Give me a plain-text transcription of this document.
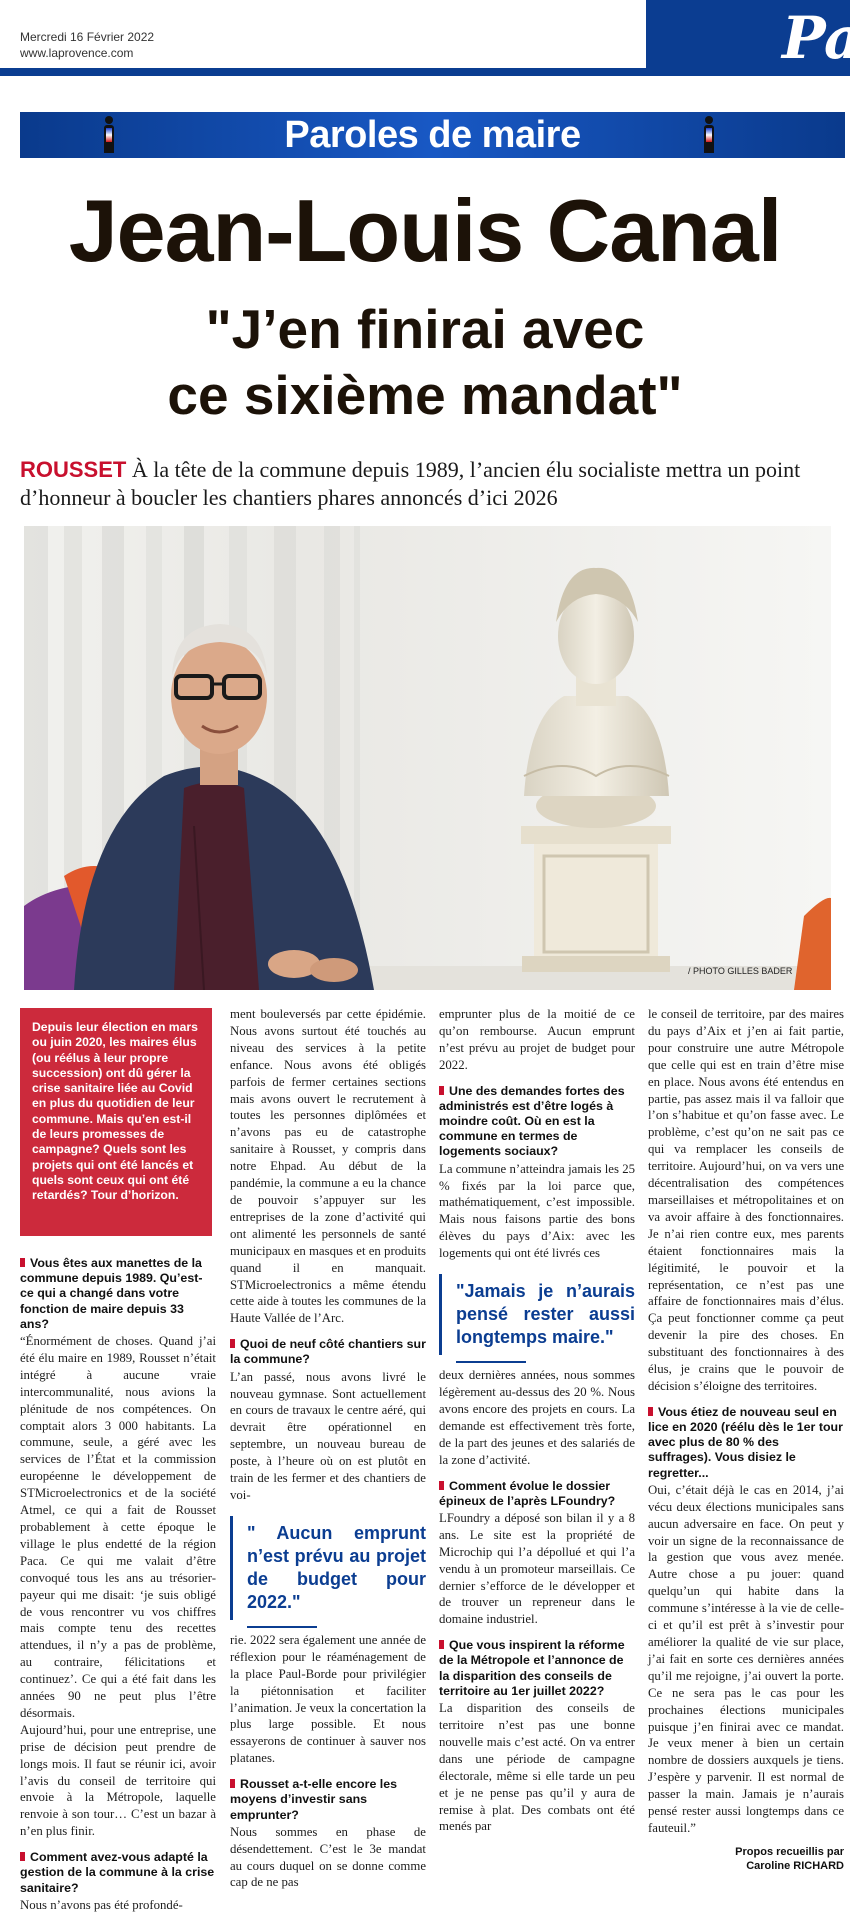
Mercredi 16 Février 2022
www.laprovence.com	Pa
Paroles de maire
Jean-Louis Canal
"J’en finirai avec
ce sixième mandat"
ROUSSET À la tête de la commune depuis 1989, l’ancien élu socialiste mettra un point d’honneur à boucler les chantiers phares annoncés d’ici 2026
/ PHOTO GILLES BADER
Depuis leur élection en mars ou juin 2020, les maires élus (ou réélus à leur propre succession) ont dû gérer la crise sanitaire liée au Covid en plus du quotidien de leur commune. Mais qu’en est-il de leurs promesses de campagne? Quels sont les projets qui ont été lancés et quels sont ceux qui ont été retardés? Tour d’horizon.

Vous êtes aux manettes de la commune depuis 1989. Qu’est-ce qui a changé dans votre fonction de maire depuis 33 ans?

“Énormément de choses. Quand j’ai été élu maire en 1989, Rousset n’était intégré à aucune vraie intercommunalité, nous avions la plénitude de nos compétences. On comptait alors 3 000 habitants. La commune, seule, a géré avec les services de l’État et la commission européenne le développement de STMicroelectronics et de la société Atmel, ce qui a fait de Rousset probablement à cette époque le village le plus endetté de la région Paca. Ce qui me valait d’être convoqué tous les ans au trésorier-payeur qui me disait: ‘je suis obligé de vous rencontrer vu vos chiffres mais compte tenu des recettes attendues, il n’y a pas de problème, au contraire, félicitations et continuez’. Ce qui a été fait dans les années 90 ne peut plus l’être désormais.

Aujourd’hui, pour une entreprise, une prise de décision peut prendre de longs mois. Il faut se réunir ici, avoir l’avis du conseil de territoire qui envoie à la Métropole, laquelle renvoie à son tour… C’est un bazar à n’en plus finir.

Comment avez-vous adapté la gestion de la commune à la crise sanitaire?

Nous n’avons pas été profondé-

ment bouleversés par cette épidémie. Nous avons surtout été touchés au niveau des services à la petite enfance. Nous avons été obligés parfois de fermer certaines sections mais avons ouvert le recrutement à toutes les personnes diplômées et n’avons pas eu de catastrophe sanitaire à Rousset, y compris dans notre Ehpad. Au début de la pandémie, la commune a eu la chance de pouvoir s’appuyer sur les entreprises de la zone d’activité qui ont alimenté les personnels de santé municipaux en masques et en produits quand il en manquait. STMicroelectronics a même étendu cette aide à toutes les communes de la Haute Vallée de l’Arc.

Quoi de neuf côté chantiers sur la commune?

L’an passé, nous avons livré le nouveau gymnase. Sont actuellement en cours de travaux le centre aéré, qui devrait être opérationnel en septembre, un nouveau bureau de poste, à l’heure où on est plutôt en train de les fermer et des chantiers de voi-

" Aucun emprunt n’est prévu au projet de budget pour 2022."

rie. 2022 sera également une année de réflexion pour le réaménagement de la place Paul-Borde pour privilégier la piétonnisation et faciliter l’animation. Je veux la concertation la plus large possible. Et nous essayerons de continuer à sauver nos platanes.

Rousset a-t-elle encore les moyens d’investir sans emprunter?

Nous sommes en phase de désendettement. C’est le 3e mandat au cours duquel on se donne comme cap de ne pas

emprunter plus de la moitié de ce qu’on rembourse. Aucun emprunt n’est prévu au projet de budget pour 2022.

Une des demandes fortes des administrés est d’être logés à moindre coût. Où en est la commune en termes de logements sociaux?

La commune n’atteindra jamais les 25 % fixés par la loi parce que, mathématiquement, c’est impossible. Mais nous faisons partie des bons élèves du pays d’Aix: avec les logements qui ont été livrés ces

"Jamais je n’aurais pensé rester aussi longtemps maire."

deux dernières années, nous sommes légèrement au-dessus des 20 %. Nous avons encore des projets en cours. La demande est effectivement très forte, de la part des jeunes et des salariés de la zone d’activité.

Comment évolue le dossier épineux de l’après LFoundry?

LFoundry a déposé son bilan il y a 8 ans. Le site est la propriété de Microchip qui l’a dépollué et qui l’a vendu à un promoteur marseillais. Ce dernier s’efforce de le développer et de trouver un repreneur dans le domaine industriel.

Que vous inspirent la réforme de la Métropole et l’annonce de la disparition des conseils de territoire au 1er juillet 2022?

La disparition des conseils de territoire n’est pas une bonne nouvelle mais c’est acté. On va entrer dans une période de campagne électorale, même si elle tarde un peu et je ne pense pas qu’il y aura de remise à plat. Des combats ont été menés par

le conseil de territoire, par des maires du pays d’Aix et j’en ai fait partie, pour construire une autre Métropole que celle qui est en train d’être mise en place. Nous avons été entendus en partie, pas assez mais il va falloir que l’on s’habitue et qu’on fasse avec. Le problème, c’est qu’on ne sait pas ce qui va remplacer les conseils de territoire. Aujourd’hui, on va vers une décentralisation des compétences marseillaises et métropolitaines et on va avoir affaire à des fonctionnaires. Je n’ai rien contre eux, mes parents étaient fonctionnaires mais la légitimité, le pouvoir et la représentation, ce n’est pas une affaire de fonctionnaires mais d’élus. Ça peut fonctionner comme ça peut devenir la pire des choses. En substituant des fonctionnaires à des élus, je crains que le pouvoir de décision s’éloigne des territoires.

Vous étiez de nouveau seul en lice en 2020 (réélu dès le 1er tour avec plus de 80 % des suffrages). Vous disiez le regretter...

Oui, c’était déjà le cas en 2014, j’ai vécu deux élections municipales sans aucun adversaire en face. On peut y voir un signe de la reconnaissance de la gestion que vous avez menée. Autre chose a pu jouer: quand quelqu’un qui habite dans la commune s’intéresse à la vie de celle-ci et qu’il est prêt à s’investir pour améliorer la qualité de vie sur place, j’ai fait en sorte ces dernières années qu’il me rejoigne, j’ai ouvert la porte. Ce ne sera pas le cas pour les prochaines élections municipales puisque j’en finirai avec ce mandat. Je veux mener à bien un certain nombre de dossiers auxquels je tiens. J’espère y parvenir. Il est normal de passer la main. Jamais je n’aurais pensé rester aussi longtemps dans ce fauteuil.”

Propos recueillis par
Caroline RICHARD
